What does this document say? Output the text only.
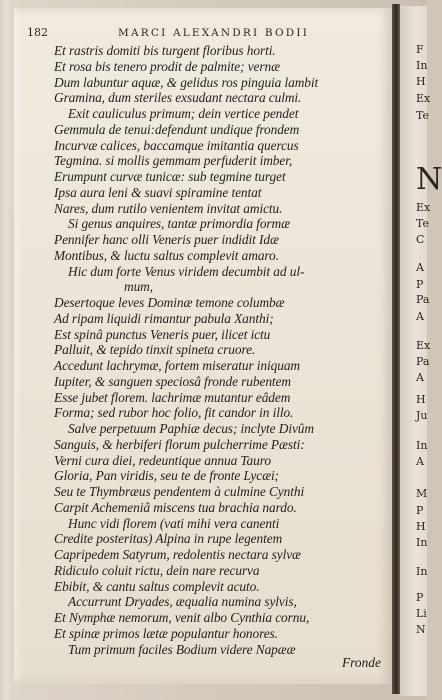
F
In
H
Ex
Te
N
Ex
Te
C
A
P
Pa
A
Ex
Pa
A
H
Ju
In
A
M
P
H
In
In
P
Li
N
182	MARCI ALEXANDRI BODII
Et rastris domiti bis turgent floribus horti.
Et rosa bis tenero prodit de palmite; vernæ
Dum labuntur aquæ, & gelidus ros pinguia lambit
Gramina, dum steriles exsudant nectara culmi.
Exit cauliculus primum; dein vertice pendet
Gemmula de tenui:defendunt undique frondem
Incurvæ calices, baccamque imitantia quercus
Tegmina. si mollis gemmam perfuderit imber,
Erumpunt curvæ tunicæ: sub tegmine turget
Ipsa aura leni & suavi spiramine tentat
Nares, dum rutilo venientem invitat amictu.
Si genus anquires, tantæ primordia formæ
Pennifer hanc olli Veneris puer indidit Idæ
Montibus, & luctu saltus complevit amaro.
Hic dum forte Venus viridem decumbit ad ul-
mum,
Desertoque leves Dominæ temone columbæ
Ad ripam liquidi rimantur pabula Xanthi;
Est spinâ punctus Veneris puer, ilicet ictu
Palluit, & tepido tinxit spineta cruore.
Accedunt lachrymæ, fortem miseratur iniquam
Iupiter, & sanguen speciosâ fronde rubentem
Esse jubet florem. lachrimæ mutantur eâdem
Forma; sed rubor hoc folio, fit candor in illo.
Salve perpetuum Paphiæ decus; inclyte Divûm
Sanguis, & herbiferi florum pulcherrime Pæsti:
Verni cura diei, redeuntique annua Tauro
Gloria, Pan viridis, seu te de fronte Lycæi;
Seu te Thymbræus pendentem à culmine Cynthi
Carpit Achemeniâ miscens tua brachia nardo.
Hunc vidi florem (vati mihi vera canenti
Credite posteritas) Alpina in rupe legentem
Capripedem Satyrum, redolentis nectara sylvæ
Ridiculo coluit rictu, dein nare recurva
Ebibit, & cantu saltus complevit acuto.
Accurrunt Dryades, æqualia numina sylvis,
Et Nymphæ nemorum, venit albo Cynthia cornu,
Et spinæ primos lætæ populantur honores.
Tum primum faciles Bodium videre Napææ
Fronde
